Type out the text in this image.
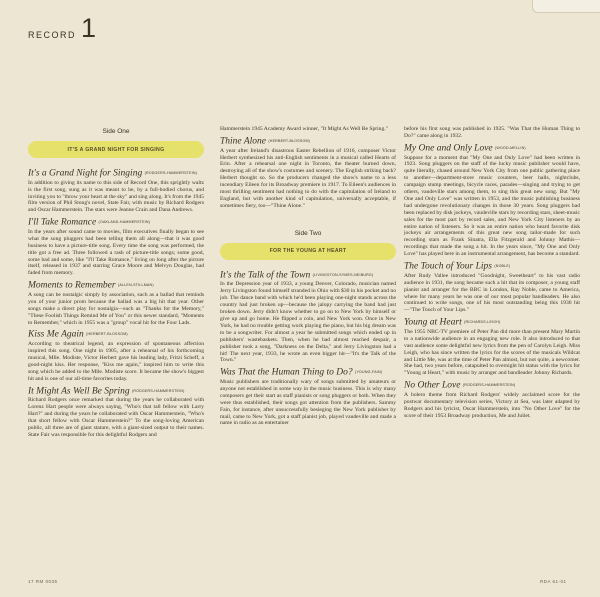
RECORD 1
Side One
IT'S A GRAND NIGHT FOR SINGING
It's a Grand Night for Singing (RODGERS-HAMMERSTEIN)

In addition to giving its name to this side of Record One, this sprightly waltz is the first song, sung as it was meant to be, by a full-bodied chorus, and inviting you to "throw your heart at the sky" and sing along. It's from the 1945 film version of Phil Stong's novel, State Fair, with music by Richard Rodgers and Oscar Hammerstein. The stars were Jeanne Crain and Dana Andrews.

I'll Take Romance (OAKLAND-HAMMERSTEIN)

In the years after sound came to movies, film executives finally began to see what the song pluggers had been telling them all along—that it was good business to have a picture-title song. Every time the song was performed, the title got a free ad. Three followed a rash of picture-title songs; some good, some bad and some, like "I'll Take Romance," living on long after the picture itself, released in 1937 and starring Grace Moore and Melvyn Douglas, had faded from memory.

Moments to Remember (ALLEN-STILLMAN)

A song can be nostalgic simply by association, such as a ballad that reminds you of your junior prom because the ballad was a big hit that year. Other songs make a direct play for nostalgia—such as "Thanks for the Memory," "These Foolish Things Remind Me of You" or this newer standard, "Moments to Remember," which in 1955 was a "group" vocal hit for the Four Lads.

Kiss Me Again (HERBERT-BLOSSOM)

According to theatrical legend, an expression of spontaneous affection inspired this song. One night in 1905, after a rehearsal of his forthcoming musical, Mlle. Modiste, Victor Herbert gave his leading lady, Fritzi Scheff, a good-night kiss. Her response, "Kiss me again," inspired him to write this song which he added to the Mlle. Modiste score. It became the show's biggest hit and is one of our all-time favorites today.

It Might As Well Be Spring (RODGERS-HAMMERSTEIN)

Richard Rodgers once remarked that during the years he collaborated with Lorenz Hart people were always saying, "Who's that tall fellow with Larry Hart?" and during the years he collaborated with Oscar Hammerstein, "Who's that short fellow with Oscar Hammerstein?" To the song-loving American public, all three are of giant stature, with a giant-sized output to their names. State Fair was responsible for this delightful Rodgers and

Hammerstein 1945 Academy Award winner, "It Might As Well Be Spring."

Thine Alone (HERBERT-BLOSSOM)

A year after Ireland's disastrous Easter Rebellion of 1916, composer Victor Herbert synthesized his anti-English sentiments in a musical called Hearts of Erin. After a rehearsal one night in Toronto, the theater burned down, destroying all of the show's costumes and scenery. The English striking back? Herbert thought so. So the producers changed the show's name to a less incendiary Eileen for its Broadway premiere in 1917. To Eileen's audiences in most thrilling sentiment had nothing to do with the capitulation of Ireland to England, but with another kind of capitulation, universally acceptable, if sometimes fiery, too—"Thine Alone."

Side Two
FOR THE YOUNG AT HEART
It's the Talk of the Town (LIVINGSTON-SYMES-NEIBURG)

In the Depression year of 1933, a young Denver, Colorado, musician named Jerry Livingston found himself stranded in Ohio with $30 in his pocket and no job. The dance band with which he'd been playing one-night stands across the country had just broken up—because the jalopy carrying the band had just broken down. Jerry didn't know whether to go on to New York by himself or give up and go home. He flipped a coin, and New York won. Once in New York, he had no trouble getting work playing the piano, but his big dream was to be a songwriter. For almost a year he submitted songs which ended up in publishers' wastebaskets. Then, when he had almost reached despair, a publisher took a song, "Darkness on the Delta," and Jerry Livingston had a hit! The next year, 1933, he wrote an even bigger hit—"It's the Talk of the Town."

Was That the Human Thing to Do? (YOUNG-FAIN)

Music publishers are traditionally wary of songs submitted by amateurs or anyone not established in some way in the music business. This is why many composers get their start as staff pianists or song pluggers or both. When they were thus established, their songs got attention from the publishers. Sammy Fain, for instance, after unsuccessfully besieging the New York publisher by mail, came to New York, got a staff pianist job, played vaudeville and made a name in radio as an entertainer

before his first song was published in 1925. "Was That the Human Thing to Do?" came along in 1932.

My One and Only Love (WOOD-MELLIN)

Suppose for a moment that "My One and Only Love" had been written in 1923. Song pluggers on the staff of the lucky music publisher would have, quite literally, chased around New York City from one public gathering place to another—department-store music counters, beer halls, nightclubs, campaign stump meetings, bicycle races, parades—singing and trying to get others, vaudeville stars among them, to sing this great new song. But "My One and Only Love" was written in 1953, and the music publishing business had undergone revolutionary changes in those 30 years. Song pluggers had been replaced by disk jockeys, vaudeville stars by recording stars, sheet-music sales for the most part by record sales, and New York City listeners by an entire nation of listeners. So it was an entire nation who heard favorite disk jockeys air arrangements of this great new song tailor-made for such recording stars as Frank Sinatra, Ella Fitzgerald and Johnny Mathis—recordings that made the song a hit. In the years since, "My One and Only Love" has played here in an instrumental arrangement, has become a standard.

The Touch of Your Lips (NOBLE)

After Rudy Vallee introduced "Goodnight, Sweetheart" to his vast radio audience in 1931, the song became such a hit that its composer, a young staff pianist and arranger for the BBC in London, Ray Noble, came to America, where for many years he was one of our most popular bandleaders. He also continued to write songs, one of his most outstanding being this 1936 hit—"The Touch of Your Lips."

Young at Heart (RICHARDS-LEIGH)

The 1955 NBC-TV premiere of Peter Pan did more than present Mary Martin to a nationwide audience in an engaging new role. It also introduced to that vast audience some delightful new lyrics from the pen of Carolyn Leigh. Miss Leigh, who has since written the lyrics for the scores of the musicals Wildcat and Little Me, was at the time of Peter Pan almost, but not quite, a newcomer. She had, two years before, catapulted to overnight hit status with the lyrics for "Young at Heart," with music by arranger and bandleader Johnny Richards.

No Other Love (RODGERS-HAMMERSTEIN)

A bolero theme from Richard Rodgers' widely acclaimed score for the postwar documentary television series, Victory at Sea, was later adapted by Rodgers and his lyricist, Oscar Hammerstein, into "No Other Love" for the score of their 1953 Broadway production, Me and Juliet.

17 RM 0035	RDA 61-01
